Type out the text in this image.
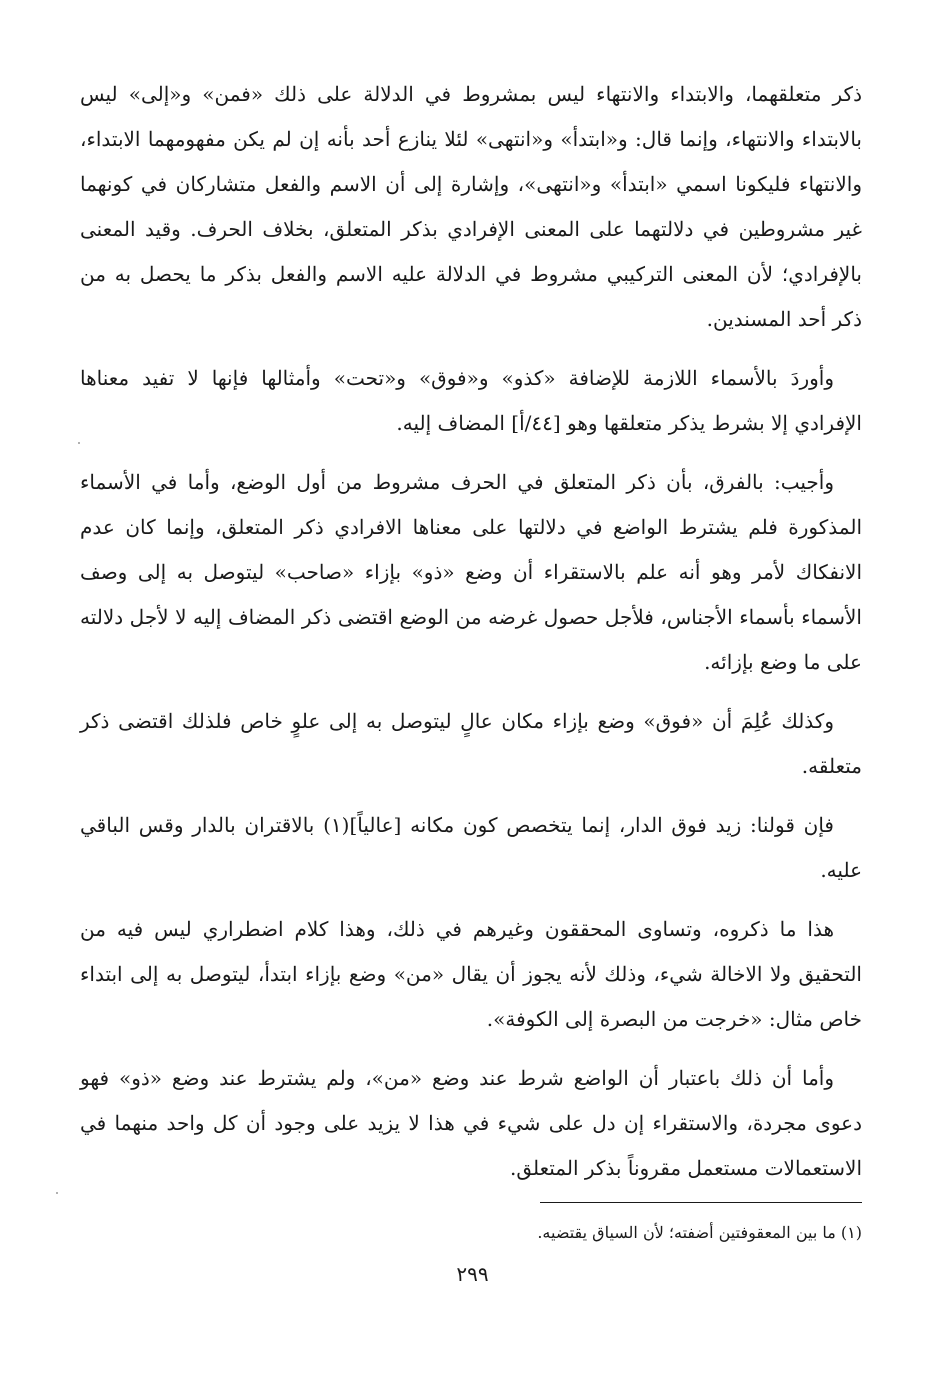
ذكر متعلقهما، والابتداء والانتهاء ليس بمشروط في الدلالة على ذلك «فمن» و«إلى» ليس بالابتداء والانتهاء، وإنما قال: و«ابتدأ» و«انتهى» لئلا ينازع أحد بأنه إن لم يكن مفهومهما الابتداء، والانتهاء فليكونا اسمي «ابتدأ» و«انتهى»، وإشارة إلى أن الاسم والفعل متشاركان في كونهما غير مشروطين في دلالتهما على المعنى الإفرادي بذكر المتعلق، بخلاف الحرف. وقيد المعنى بالإفرادي؛ لأن المعنى التركيبي مشروط في الدلالة عليه الاسم والفعل بذكر ما يحصل به من ذكر أحد المسندين.

وأوردَ بالأسماء اللازمة للإضافة «كذو» و«فوق» و«تحت» وأمثالها فإنها لا تفيد معناها الإفرادي إلا بشرط يذكر متعلقها وهو [٤٤/أ] المضاف إليه.

وأجيب: بالفرق، بأن ذكر المتعلق في الحرف مشروط من أول الوضع، وأما في الأسماء المذكورة فلم يشترط الواضع في دلالتها على معناها الافرادي ذكر المتعلق، وإنما كان عدم الانفكاك لأمر وهو أنه علم بالاستقراء أن وضع «ذو» بإزاء «صاحب» ليتوصل به إلى وصف الأسماء بأسماء الأجناس، فلأجل حصول غرضه من الوضع اقتضى ذكر المضاف إليه لا لأجل دلالته على ما وضع بإزائه.

وكذلك عُلِمَ أن «فوق» وضع بإزاء مكان عالٍ ليتوصل به إلى علوٍ خاص فلذلك اقتضى ذكر متعلقه.

فإن قولنا: زيد فوق الدار، إنما يتخصص كون مكانه [عالياً](١) بالاقتران بالدار وقس الباقي عليه.

هذا ما ذكروه، وتساوى المحققون وغيرهم في ذلك، وهذا كلام اضطراري ليس فيه من التحقيق ولا الاخالة شيء، وذلك لأنه يجوز أن يقال «من» وضع بإزاء ابتدأ، ليتوصل به إلى ابتداء خاص مثال: «خرجت من البصرة إلى الكوفة».

وأما أن ذلك باعتبار أن الواضع شرط عند وضع «من»، ولم يشترط عند وضع «ذو» فهو دعوى مجردة، والاستقراء إن دل على شيء في هذا لا يزيد على وجود أن كل واحد منهما في الاستعمالات مستعمل مقروناً بذكر المتعلق.

(١) ما بين المعقوفتين أضفته؛ لأن السياق يقتضيه.
٢٩٩
